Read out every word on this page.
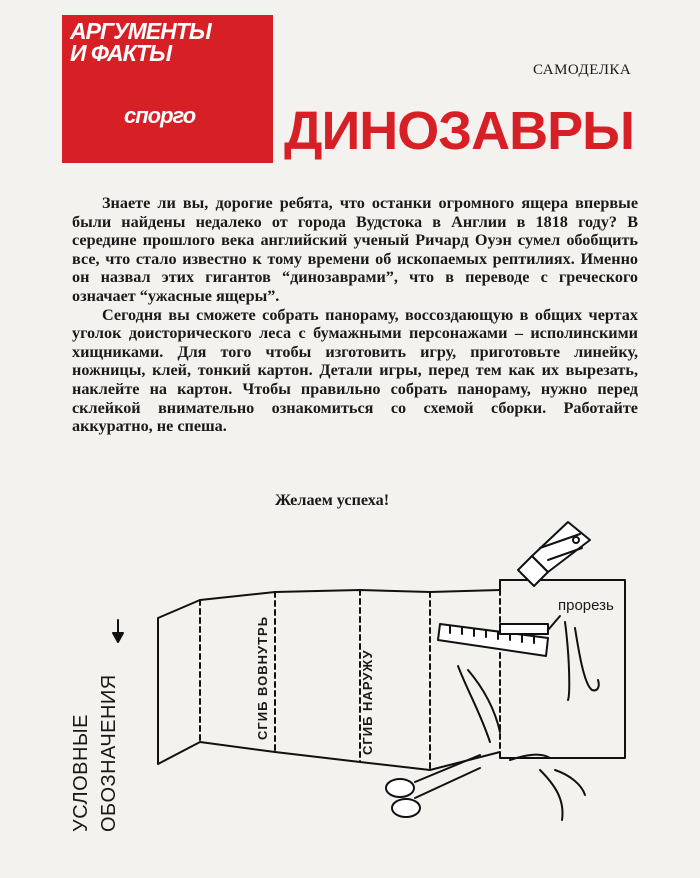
АРГУМЕНТЫ
И ФАКТЫ
спорго
САМОДЕЛКА
ДИНОЗАВРЫ

Знаете ли вы, дорогие ребята, что останки огромного ящера впервые были найдены недалеко от города Вудстока в Англии в 1818 году? В середине прошлого века английский ученый Ричард Оуэн сумел обобщить все, что стало известно к тому времени об ископаемых рептилиях. Именно он назвал этих гигантов “динозаврами”, что в переводе с греческого означает “ужасные ящеры”.

Сегодня вы сможете собрать панораму, воссоздающую в общих чертах уголок доисторического леса с бумажными персонажами – исполинскими хищниками. Для того чтобы изготовить игру, приготовьте линейку, ножницы, клей, тонкий картон. Детали игры, перед тем как их вырезать, наклейте на картон. Чтобы правильно собрать панораму, нужно перед склейкой внимательно ознакомиться со схемой сборки. Работайте аккуратно, не спеша.

Желаем успеха!
УСЛОВНЫЕ ОБОЗНАЧЕНИЯ	СГИБ ВОВНУТРЬ	СГИБ НАРУЖУ
прорезь
